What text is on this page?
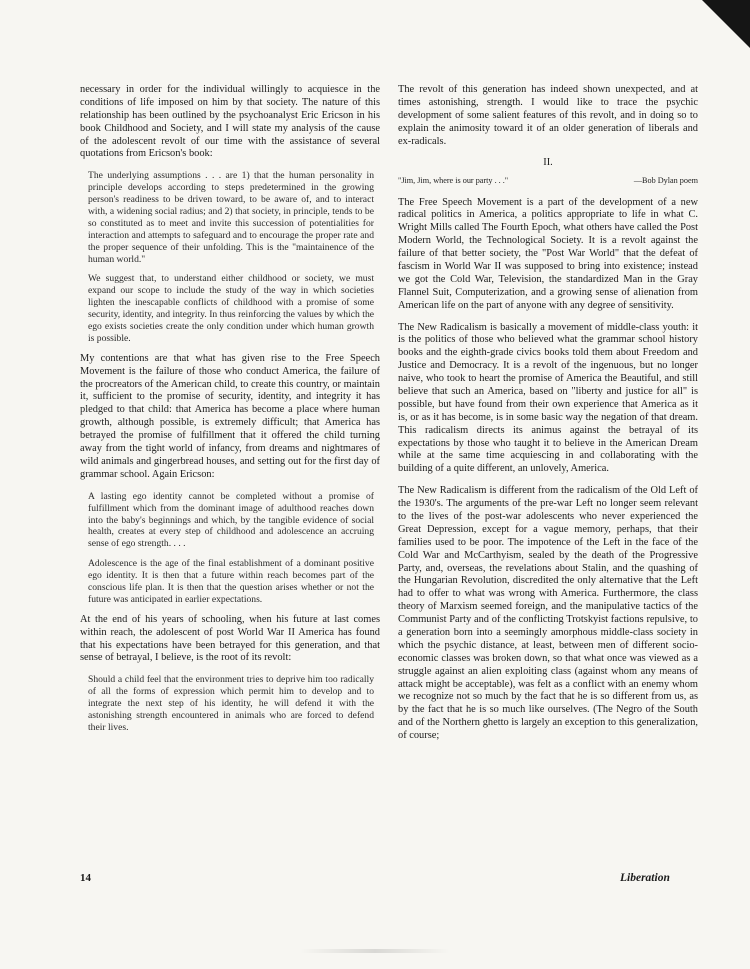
necessary in order for the individual willingly to acquiesce in the conditions of life imposed on him by that society. The nature of this relationship has been outlined by the psychoanalyst Eric Ericson in his book Childhood and Society, and I will state my analysis of the cause of the adolescent revolt of our time with the assistance of several quotations from Ericson's book:

The underlying assumptions . . . are 1) that the human personality in principle develops according to steps predetermined in the growing person's readiness to be driven toward, to be aware of, and to interact with, a widening social radius; and 2) that society, in principle, tends to be so constituted as to meet and invite this succession of potentialities for interaction and attempts to safeguard and to encourage the proper rate and the proper sequence of their unfolding. This is the "maintainence of the human world."
We suggest that, to understand either childhood or society, we must expand our scope to include the study of the way in which societies lighten the inescapable conflicts of childhood with a promise of some security, identity, and integrity. In thus reinforcing the values by which the ego exists societies create the only condition under which human growth is possible.

My contentions are that what has given rise to the Free Speech Movement is the failure of those who conduct America, the failure of the procreators of the American child, to create this country, or maintain it, sufficient to the promise of security, identity, and integrity it has pledged to that child: that America has become a place where human growth, although possible, is extremely difficult; that America has betrayed the promise of fulfillment that it offered the child turning away from the tight world of infancy, from dreams and nightmares of wild animals and gingerbread houses, and setting out for the first day of grammar school. Again Ericson:

A lasting ego identity cannot be completed without a promise of fulfillment which from the dominant image of adulthood reaches down into the baby's beginnings and which, by the tangible evidence of social health, creates at every step of childhood and adolescence an accruing sense of ego strength. . . .
Adolescence is the age of the final establishment of a dominant positive ego identity. It is then that a future within reach becomes part of the conscious life plan. It is then that the question arises whether or not the future was anticipated in earlier expectations.

At the end of his years of schooling, when his future at last comes within reach, the adolescent of post World War II America has found that his expectations have been betrayed for this generation, and that sense of betrayal, I believe, is the root of its revolt:

Should a child feel that the environment tries to deprive him too radically of all the forms of expression which permit him to develop and to integrate the next step of his identity, he will defend it with the astonishing strength encountered in animals who are forced to defend their lives.

The revolt of this generation has indeed shown unexpected, and at times astonishing, strength. I would like to trace the psychic development of some salient features of this revolt, and in doing so to explain the animosity toward it of an older generation of liberals and ex-radicals.

II.
"Jim, Jim, where is our party . . ."	—Bob Dylan poem

The Free Speech Movement is a part of the development of a new radical politics in America, a politics appropriate to life in what C. Wright Mills called The Fourth Epoch, what others have called the Post Modern World, the Technological Society. It is a revolt against the failure of that better society, the "Post War World" that the defeat of fascism in World War II was supposed to bring into existence; instead we got the Cold War, Television, the standardized Man in the Gray Flannel Suit, Computerization, and a growing sense of alienation from American life on the part of anyone with any degree of sensitivity.

The New Radicalism is basically a movement of middle-class youth: it is the politics of those who believed what the grammar school history books and the eighth-grade civics books told them about Freedom and Justice and Democracy. It is a revolt of the ingenuous, but no longer naive, who took to heart the promise of America the Beautiful, and still believe that such an America, based on "liberty and justice for all" is possible, but have found from their own experience that America as it is, or as it has become, is in some basic way the negation of that dream. This radicalism directs its animus against the betrayal of its expectations by those who taught it to believe in the American Dream while at the same time acquiescing in and collaborating with the building of a quite different, an unlovely, America.

The New Radicalism is different from the radicalism of the Old Left of the 1930's. The arguments of the pre-war Left no longer seem relevant to the lives of the post-war adolescents who never experienced the Great Depression, except for a vague memory, perhaps, that their families used to be poor. The impotence of the Left in the face of the Cold War and McCarthyism, sealed by the death of the Progressive Party, and, overseas, the revelations about Stalin, and the quashing of the Hungarian Revolution, discredited the only alternative that the Left had to offer to what was wrong with America. Furthermore, the class theory of Marxism seemed foreign, and the manipulative tactics of the Communist Party and of the conflicting Trotskyist factions repulsive, to a generation born into a seemingly amorphous middle-class society in which the psychic distance, at least, between men of different socio-economic classes was broken down, so that what once was viewed as a struggle against an alien exploiting class (against whom any means of attack might be acceptable), was felt as a conflict with an enemy whom we recognize not so much by the fact that he is so different from us, as by the fact that he is so much like ourselves. (The Negro of the South and of the Northern ghetto is largely an exception to this generalization, of course;

14	Liberation
